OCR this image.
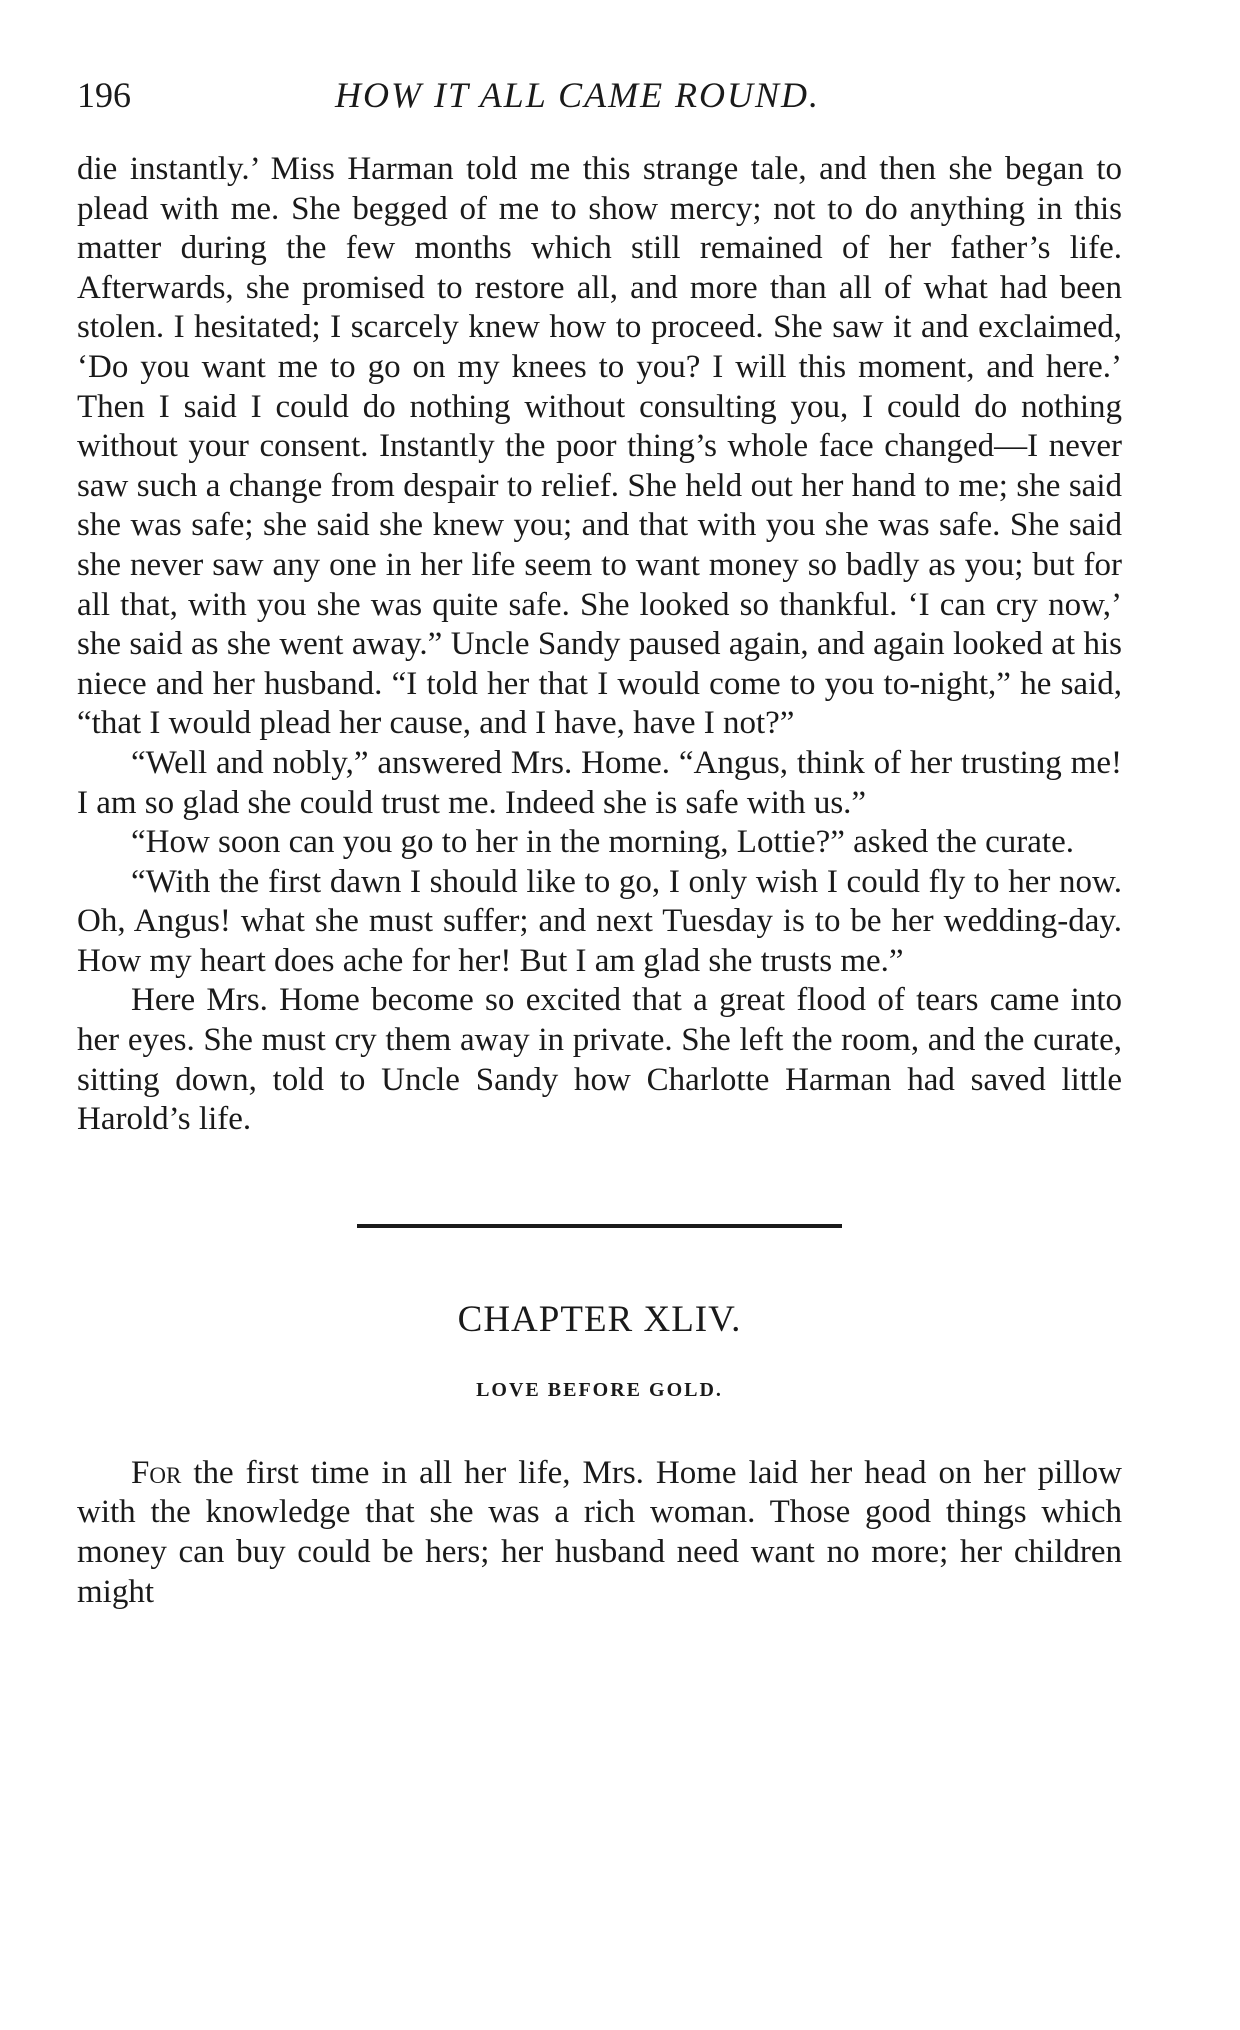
196	HOW IT ALL CAME ROUND.

die instantly.’ Miss Harman told me this strange tale, and then she began to plead with me. She begged of me to show mercy; not to do anything in this matter during the few months which still remained of her father’s life. Afterwards, she promised to restore all, and more than all of what had been stolen. I hesitated; I scarcely knew how to proceed. She saw it and exclaimed, ‘Do you want me to go on my knees to you? I will this moment, and here.’ Then I said I could do nothing without consulting you, I could do nothing without your consent. Instantly the poor thing’s whole face changed—I never saw such a change from despair to relief. She held out her hand to me; she said she was safe; she said she knew you; and that with you she was safe. She said she never saw any one in her life seem to want money so badly as you; but for all that, with you she was quite safe. She looked so thankful. ‘I can cry now,’ she said as she went away.” Uncle Sandy paused again, and again looked at his niece and her husband. “I told her that I would come to you to-night,” he said, “that I would plead her cause, and I have, have I not?”

“Well and nobly,” answered Mrs. Home. “Angus, think of her trusting me! I am so glad she could trust me. Indeed she is safe with us.”

“How soon can you go to her in the morning, Lottie?” asked the curate.

“With the first dawn I should like to go, I only wish I could fly to her now. Oh, Angus! what she must suffer; and next Tuesday is to be her wedding-day. How my heart does ache for her! But I am glad she trusts me.”

Here Mrs. Home become so excited that a great flood of tears came into her eyes. She must cry them away in private. She left the room, and the curate, sitting down, told to Uncle Sandy how Charlotte Harman had saved little Harold’s life.

CHAPTER XLIV.
LOVE BEFORE GOLD.

For the first time in all her life, Mrs. Home laid her head on her pillow with the knowledge that she was a rich woman. Those good things which money can buy could be hers; her husband need want no more; her children might
